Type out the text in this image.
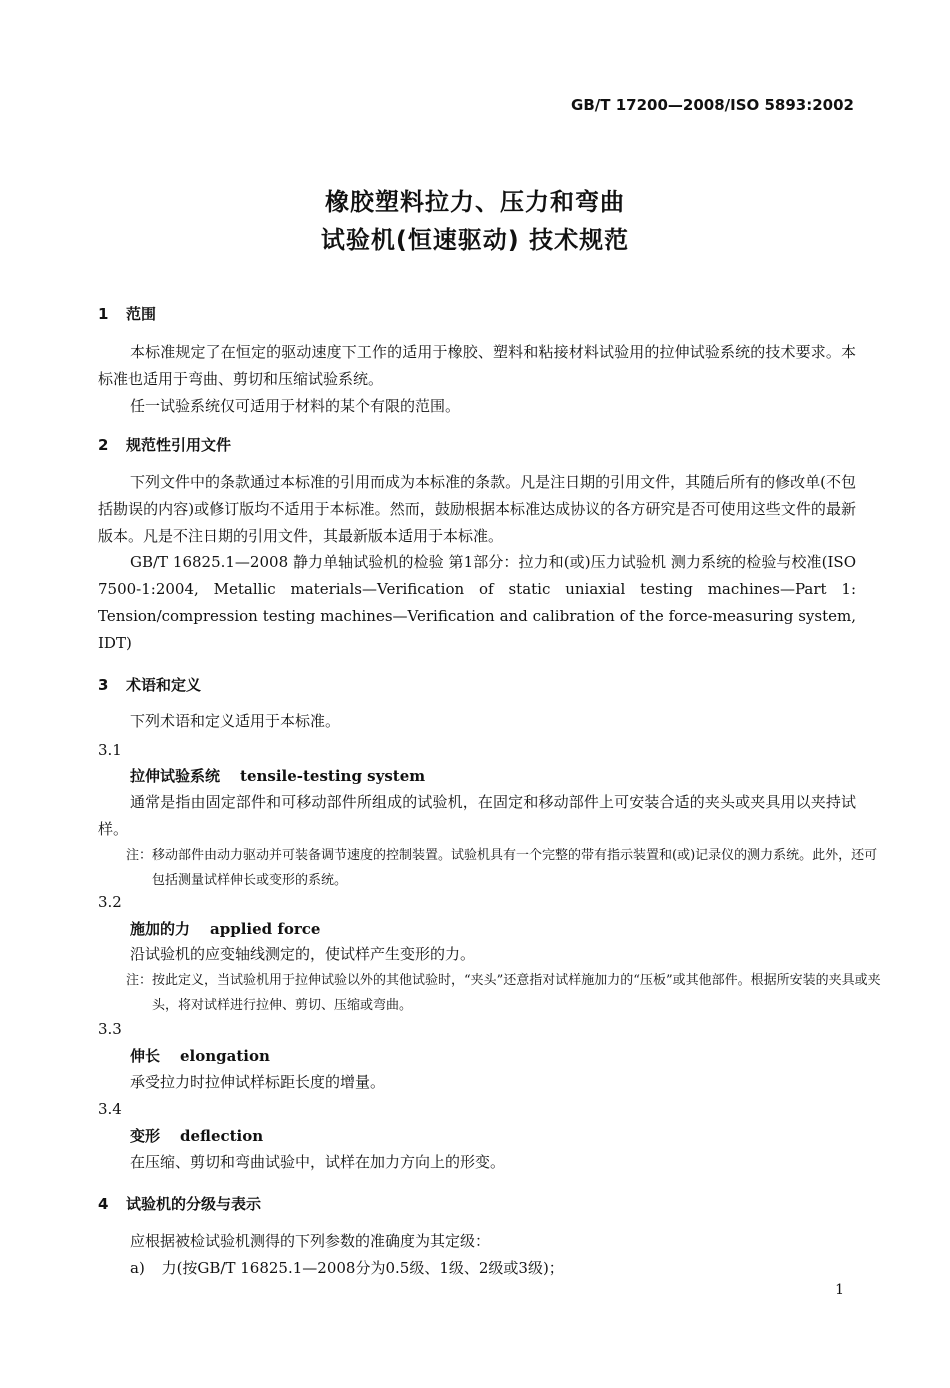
GB/T 17200—2008/ISO 5893:2002
橡胶塑料拉力、压力和弯曲
试验机(恒速驱动) 技术规范
1 范围
本标准规定了在恒定的驱动速度下工作的适用于橡胶、塑料和粘接材料试验用的拉伸试验系统的技术要求。本标准也适用于弯曲、剪切和压缩试验系统。
任一试验系统仅可适用于材料的某个有限的范围。
2 规范性引用文件
下列文件中的条款通过本标准的引用而成为本标准的条款。凡是注日期的引用文件，其随后所有的修改单(不包括勘误的内容)或修订版均不适用于本标准。然而，鼓励根据本标准达成协议的各方研究是否可使用这些文件的最新版本。凡是不注日期的引用文件，其最新版本适用于本标准。
GB/T 16825.1—2008 静力单轴试验机的检验 第1部分：拉力和(或)压力试验机 测力系统的检验与校准(ISO 7500-1:2004, Metallic materials—Verification of static uniaxial testing machines—Part 1: Tension/compression testing machines—Verification and calibration of the force-measuring system, IDT)
3 术语和定义
下列术语和定义适用于本标准。
3.1
拉伸试验系统 tensile-testing system
通常是指由固定部件和可移动部件所组成的试验机，在固定和移动部件上可安装合适的夹头或夹具用以夹持试样。
注：移动部件由动力驱动并可装备调节速度的控制装置。试验机具有一个完整的带有指示装置和(或)记录仪的测力系统。此外，还可包括测量试样伸长或变形的系统。
3.2
施加的力 applied force
沿试验机的应变轴线测定的，使试样产生变形的力。
注：按此定义，当试验机用于拉伸试验以外的其他试验时，“夹头”还意指对试样施加力的“压板”或其他部件。根据所安装的夹具或夹头，将对试样进行拉伸、剪切、压缩或弯曲。
3.3
伸长 elongation
承受拉力时拉伸试样标距长度的增量。
3.4
变形 deflection
在压缩、剪切和弯曲试验中，试样在加力方向上的形变。
4 试验机的分级与表示
应根据被检试验机测得的下列参数的准确度为其定级：
a) 力(按GB/T 16825.1—2008分为0.5级、1级、2级或3级)；
1
